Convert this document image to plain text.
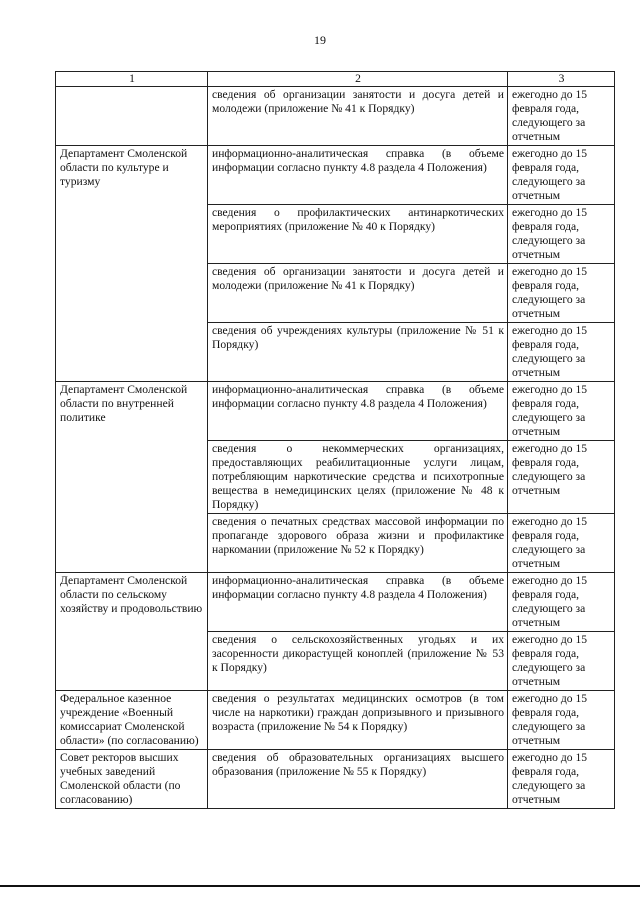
19
1	2	3
	сведения об организации занятости и досуга детей и молодежи (приложение № 41 к Порядку)	ежегодно до 15 февраля года, следующего за отчетным

Департамент Смоленской области по культуре и туризму	информационно-аналитическая справка (в объеме информации согласно пункту 4.8 раздела 4 Положения)	ежегодно до 15 февраля года, следующего за отчетным

	сведения о профилактических антинаркотических мероприятиях (приложение № 40 к Порядку)	ежегодно до 15 февраля года, следующего за отчетным

	сведения об организации занятости и досуга детей и молодежи (приложение № 41 к Порядку)	ежегодно до 15 февраля года, следующего за отчетным

	сведения об учреждениях культуры (приложение № 51 к Порядку)	ежегодно до 15 февраля года, следующего за отчетным

Департамент Смоленской области по внутренней политике	информационно-аналитическая справка (в объеме информации согласно пункту 4.8 раздела 4 Положения)	ежегодно до 15 февраля года, следующего за отчетным

	сведения о некоммерческих организациях, предоставляющих реабилитационные услуги лицам, потребляющим наркотические средства и психотропные вещества в немедицинских целях (приложение № 48 к Порядку)	ежегодно до 15 февраля года, следующего за отчетным

	сведения о печатных средствах массовой информации по пропаганде здорового образа жизни и профилактике наркомании (приложение № 52 к Порядку)	ежегодно до 15 февраля года, следующего за отчетным

Департамент Смоленской области по сельскому хозяйству и продовольствию	информационно-аналитическая справка (в объеме информации согласно пункту 4.8 раздела 4 Положения)	ежегодно до 15 февраля года, следующего за отчетным

	сведения о сельскохозяйственных угодьях и их засоренности дикорастущей коноплей (приложение № 53 к Порядку)	ежегодно до 15 февраля года, следующего за отчетным

Федеральное казенное учреждение «Военный комиссариат Смоленской области» (по согласованию)	сведения о результатах медицинских осмотров (в том числе на наркотики) граждан допризывного и призывного возраста (приложение № 54 к Порядку)	ежегодно до 15 февраля года, следующего за отчетным

Совет ректоров высших учебных заведений Смоленской области (по согласованию)	сведения об образовательных организациях высшего образования (приложение № 55 к Порядку)	ежегодно до 15 февраля года, следующего за отчетным
